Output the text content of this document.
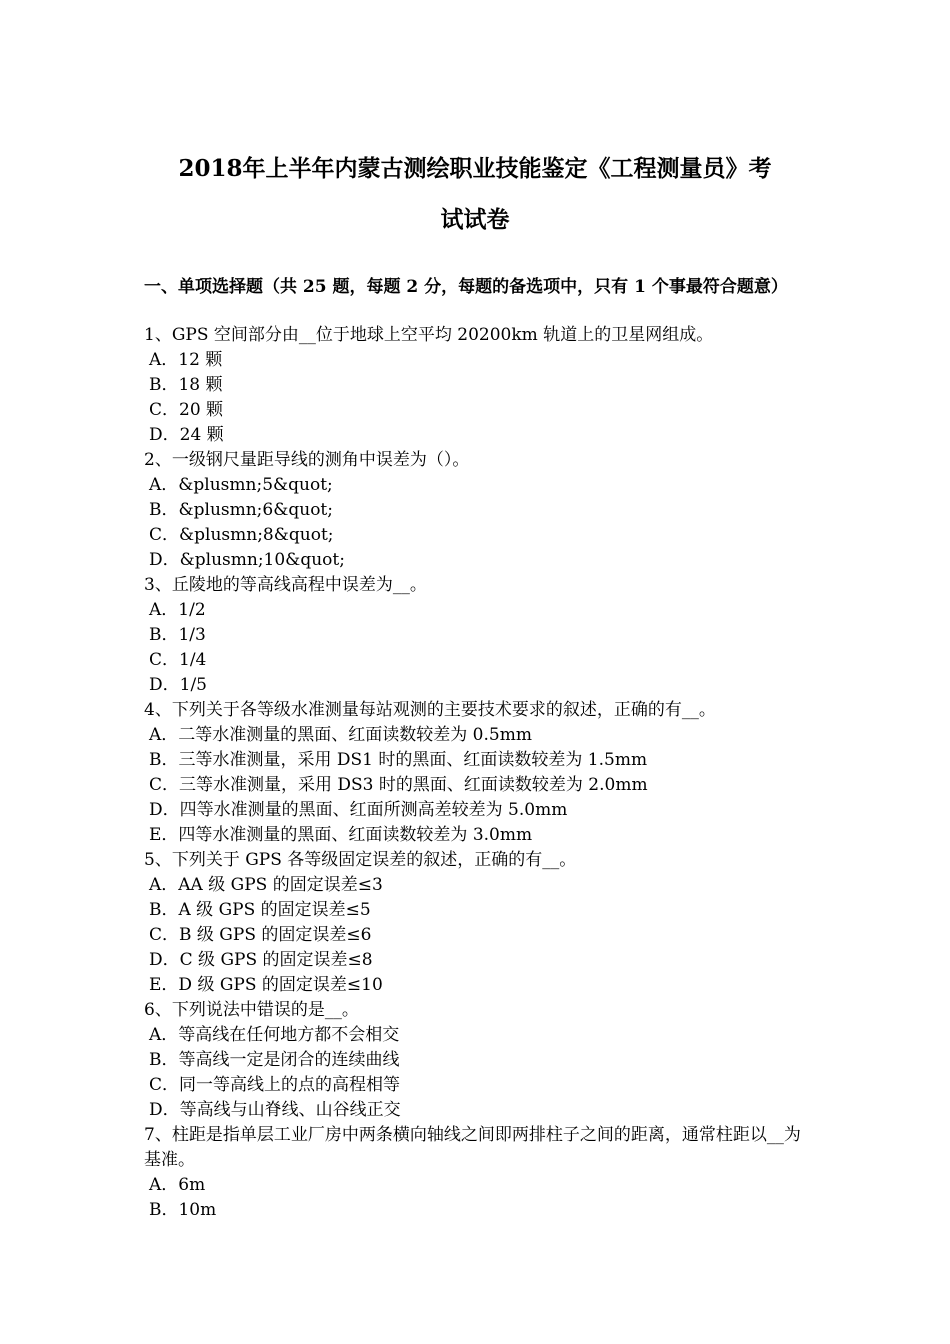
2018年上半年内蒙古测绘职业技能鉴定《工程测量员》考
试试卷
一、单项选择题（共 25 题，每题 2 分，每题的备选项中，只有 1 个事最符合题意）

1、GPS 空间部分由__位于地球上空平均 20200km 轨道上的卫星网组成。

A．12 颗

B．18 颗

C．20 颗

D．24 颗

2、一级钢尺量距导线的测角中误差为（）。

A．&plusmn;5&quot;

B．&plusmn;6&quot;

C．&plusmn;8&quot;

D．&plusmn;10&quot;

3、丘陵地的等高线高程中误差为__。

A．1/2

B．1/3

C．1/4

D．1/5

4、下列关于各等级水准测量每站观测的主要技术要求的叙述，正确的有__。

A．二等水准测量的黑面、红面读数较差为 0.5mm

B．三等水准测量，采用 DS1 时的黑面、红面读数较差为 1.5mm

C．三等水准测量，采用 DS3 时的黑面、红面读数较差为 2.0mm

D．四等水准测量的黑面、红面所测高差较差为 5.0mm

E．四等水准测量的黑面、红面读数较差为 3.0mm

5、下列关于 GPS 各等级固定误差的叙述，正确的有__。

A．AA 级 GPS 的固定误差≤3

B．A 级 GPS 的固定误差≤5

C．B 级 GPS 的固定误差≤6

D．C 级 GPS 的固定误差≤8

E．D 级 GPS 的固定误差≤10

6、下列说法中错误的是__。

A．等高线在任何地方都不会相交

B．等高线一定是闭合的连续曲线

C．同一等高线上的点的高程相等

D．等高线与山脊线、山谷线正交

7、柱距是指单层工业厂房中两条横向轴线之间即两排柱子之间的距离，通常柱距以__为基准。

A．6m

B．10m
